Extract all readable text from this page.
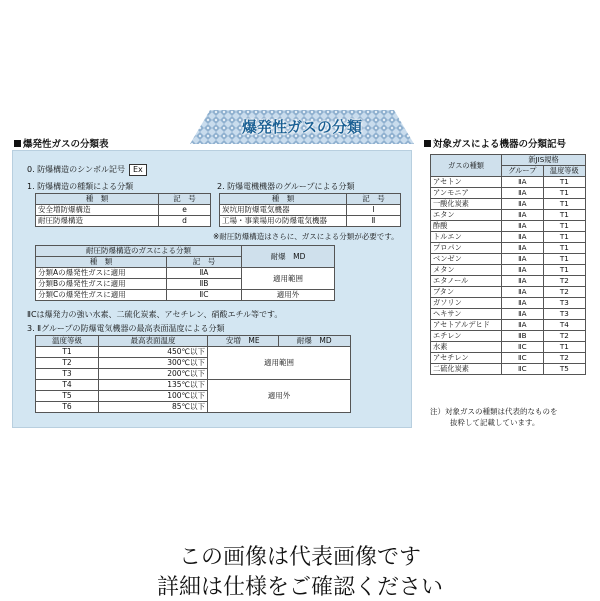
爆発性ガスの分類
爆発性ガスの分類表	対象ガスによる機器の分類記号
0. 防爆構造のシンボル記号 Ex
1. 防爆構造の種類による分類
種　類	記　号
安全増防爆構造	e
耐圧防爆構造	d
2. 防爆電機機器のグループによる分類
種　類	記　号
炭坑用防爆電気機器	Ⅰ
工場・事業場用の防爆電気機器	Ⅱ
※耐圧防爆構造はさらに、ガスによる分類が必要です。
耐圧防爆構造のガスによる分類		耐爆　MD
種　類	記　号	
分類Aの爆発性ガスに適用	ⅡA	適用範囲
分類Bの爆発性ガスに適用	ⅡB	
分類Cの爆発性ガスに適用	ⅡC	適用外
ⅡCは爆発力の強い水素、二硫化炭素、アセチレン、硝酸エチル等です。
3. Ⅱグループの防爆電気機器の最高表面温度による分類
温度等級	最高表面温度	安増　ME	耐爆　MD
T1	450℃以下	適用範囲	
T2	300℃以下		
T3	200℃以下		
T4	135℃以下	適用外	
T5	100℃以下		
T6	85℃以下		
ガスの種類	新JIS規格	
	グループ	温度等級
アセトン	ⅡA	T1
アンモニア	ⅡA	T1
一酸化炭素	ⅡA	T1
エタン	ⅡA	T1
酢酸	ⅡA	T1
トルエン	ⅡA	T1
プロパン	ⅡA	T1
ベンゼン	ⅡA	T1
メタン	ⅡA	T1
エタノール	ⅡA	T2
ブタン	ⅡA	T2
ガソリン	ⅡA	T3
ヘキサン	ⅡA	T3
アセトアルデヒド	ⅡA	T4
エチレン	ⅡB	T2
水素	ⅡC	T1
アセチレン	ⅡC	T2
二硫化炭素	ⅡC	T5
注）対象ガスの種類は代表的なものを
抜粋して記載しています。
この画像は代表画像です
詳細は仕様をご確認ください
